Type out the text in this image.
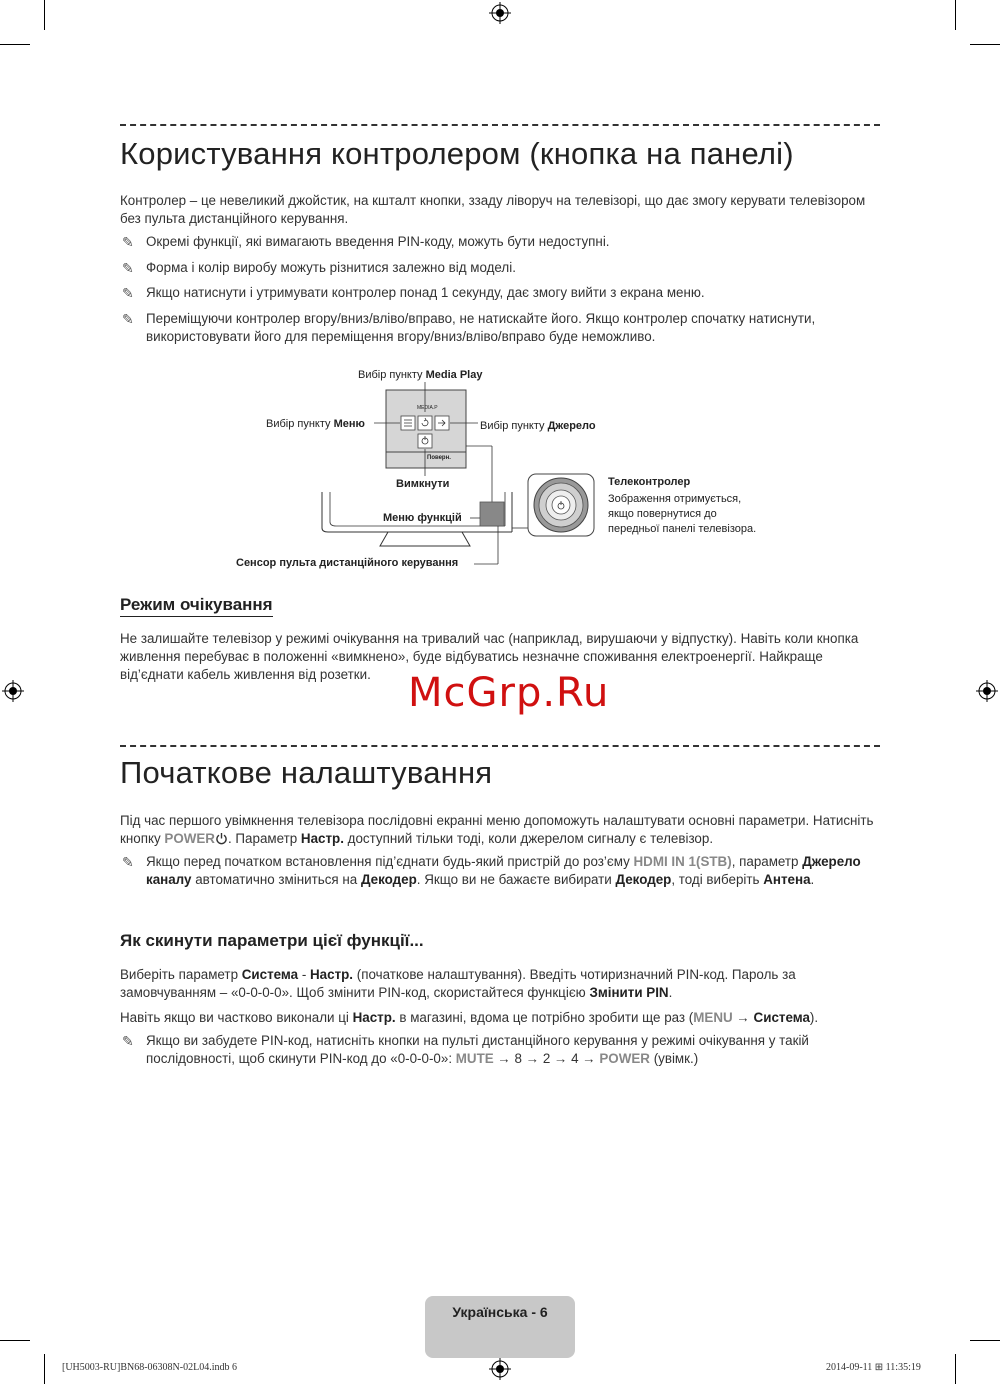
Користування контролером (кнопка на панелі)

Контролер – це невеликий джойстик, на кшталт кнопки, ззаду ліворуч на телевізорі, що дає змогу керувати телевізором без пульта дистанційного керування.

✎ Окремі функції, які вимагають введення PIN-коду, можуть бути недоступні.
✎ Форма і колір виробу можуть різнитися залежно від моделі.
✎ Якщо натиснути і утримувати контролер понад 1 секунду, дає змогу вийти з екрана меню.
✎ Переміщуючи контролер вгору/вниз/вліво/вправо, не натискайте його. Якщо контролер спочатку натиснути, використовувати його для переміщення вгору/вниз/вліво/вправо буде неможливо.
Вибір пункту Media Play
Вибір пункту Меню	Вибір пункту Джерело
MEDIA.P
Поверн.
Вимкнути
Меню функцій
Сенсор пульта дистанційного керування
Телеконтролер
Зображення отримується,
якщо повернутися до
передньої панелі телевізора.
Режим очікування

Не залишайте телевізор у режимі очікування на тривалий час (наприклад, вирушаючи у відпустку). Навіть коли кнопка живлення перебуває в положенні «вимкнено», буде відбуватись незначне споживання електроенергії. Найкраще від’єднати кабель живлення від розетки. McGrp.Ru
Початкове налаштування

Під час першого увімкнення телевізора послідовні екранні меню допоможуть налаштувати основні параметри. Натисніть кнопку POWER . Параметр Настр. доступний тільки тоді, коли джерелом сигналу є телевізор.

✎ Якщо перед початком встановлення під’єднати будь-який пристрій до роз’єму HDMI IN 1(STB), параметр Джерело каналу автоматично зміниться на Декодер. Якщо ви не бажаєте вибирати Декодер, тоді виберіть Антена.
Як скинути параметри цієї функції...

Виберіть параметр Система - Настр. (початкове налаштування). Введіть чотиризначний PIN-код. Пароль за замовчуванням – «0-0-0-0». Щоб змінити PIN-код, скористайтеся функцією Змінити PIN.

Навіть якщо ви частково виконали ці Настр. в магазині, вдома це потрібно зробити ще раз (MENU → Система).

✎ Якщо ви забудете PIN-код, натисніть кнопки на пульті дистанційного керування у режимі очікування у такій послідовності, щоб скинути PIN-код до «0-0-0-0»: MUTE → 8 → 2 → 4 → POWER (увімк.)
Українська - 6
[UH5003-RU]BN68-06308N-02L04.indb 6	2014-09-11 ⊞ 11:35:19
